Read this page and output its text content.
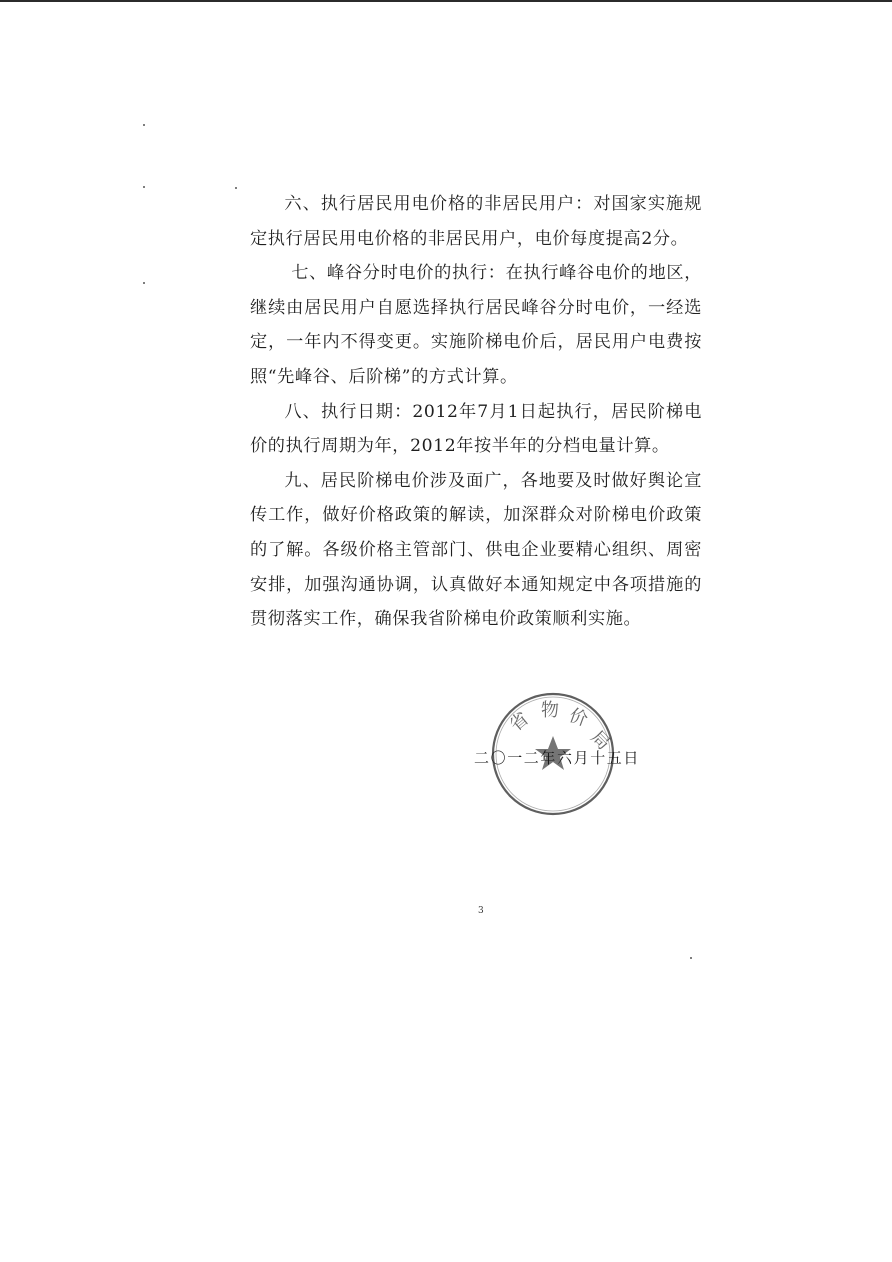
六、执行居民用电价格的非居民用户：对国家实施规定执行居民用电价格的非居民用户，电价每度提高2分。

七、峰谷分时电价的执行：在执行峰谷电价的地区，继续由居民用户自愿选择执行居民峰谷分时电价，一经选定，一年内不得变更。实施阶梯电价后，居民用户电费按照“先峰谷、后阶梯”的方式计算。

八、执行日期：2012年7月1日起执行，居民阶梯电价的执行周期为年，2012年按半年的分档电量计算。

九、居民阶梯电价涉及面广，各地要及时做好舆论宣传工作，做好价格政策的解读，加深群众对阶梯电价政策的了解。各级价格主管部门、供电企业要精心组织、周密安排，加强沟通协调，认真做好本通知规定中各项措施的贯彻落实工作，确保我省阶梯电价政策顺利实施。

省 物 价
局
二〇一二年六月十五日
3
